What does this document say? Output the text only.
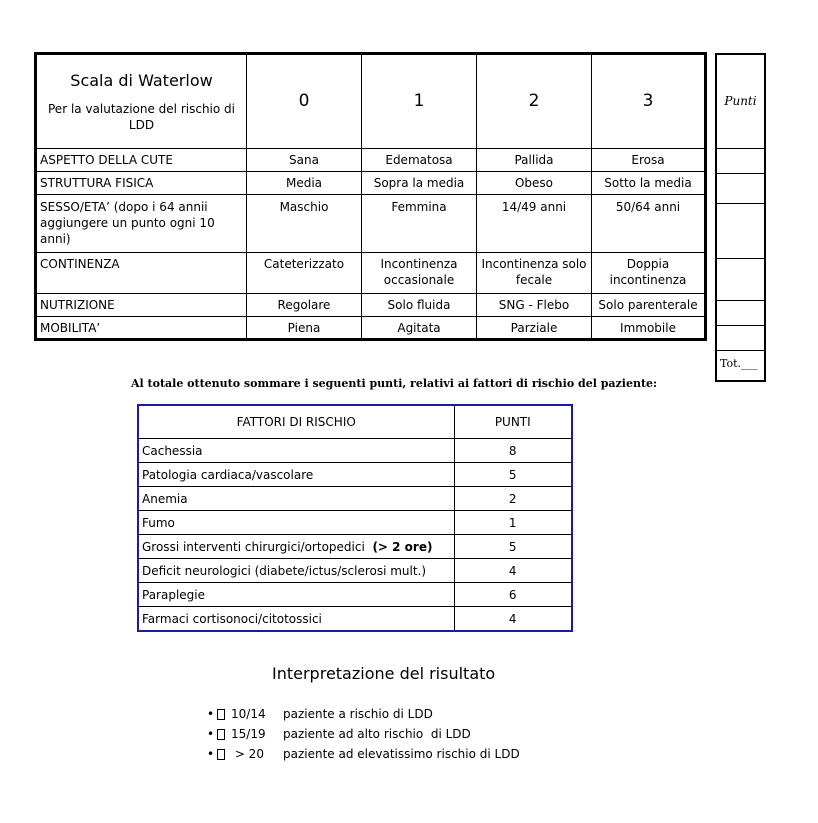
Scala di Waterlow
Per la valutazione del rischio di LDD	0	1	2	3
ASPETTO DELLA CUTE	Sana	Edematosa	Pallida	Erosa
STRUTTURA FISICA	Media	Sopra la media	Obeso	Sotto la media
SESSO/ETA’ (dopo i 64 annii aggiungere un punto ogni 10 anni)	Maschio	Femmina	14/49 anni	50/64 anni
CONTINENZA	Cateterizzato	Incontinenza occasionale	Incontinenza solo fecale	Doppia incontinenza
NUTRIZIONE	Regolare	Solo fluida	SNG - Flebo	Solo parenterale
MOBILITA’	Piena	Agitata	Parziale	Immobile
Punti
Tot.___
Al totale ottenuto sommare i seguenti punti, relativi ai fattori di rischio del paziente:
FATTORI DI RISCHIO	PUNTI
Cachessia	8
Patologia cardiaca/vascolare	5
Anemia	2
Fumo	1
Grossi interventi chirurgici/ortopedici (> 2 ore)	5
Deficit neurologici (diabete/ictus/sclerosi mult.)	4
Paraplegie	6
Farmaci cortisonoci/citotossici	4
Interpretazione del risultato
• 10/14	paziente a rischio di LDD
• 15/19	paziente ad alto rischio  di LDD
• > 20	paziente ad elevatissimo rischio di LDD
